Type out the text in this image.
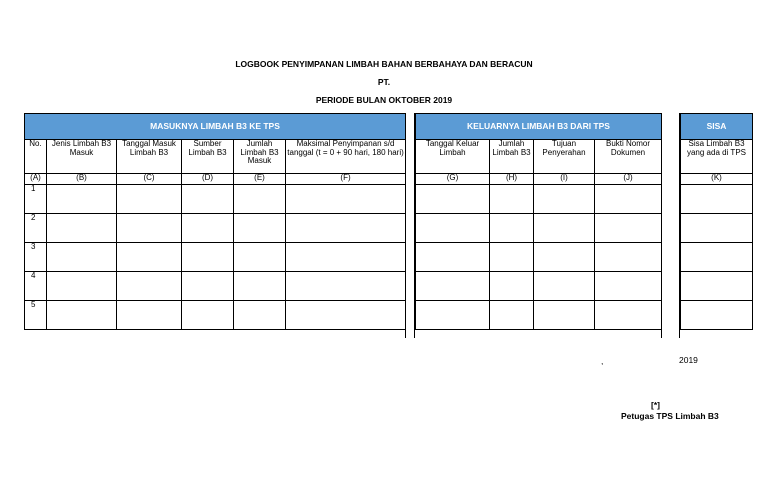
LOGBOOK PENYIMPANAN LIMBAH BAHAN BERBAHAYA DAN BERACUN
PT.
PERIODE BULAN OKTOBER 2019
MASUKNYA LIMBAH B3 KE TPS					
No.	Jenis Limbah B3 Masuk	Tanggal Masuk Limbah B3	Sumber Limbah B3	Jumlah Limbah B3 Masuk	Maksimal Penyimpanan s/d tanggal (t = 0 + 90 hari, 180 hari)
(A)	(B)	(C)	(D)	(E)	(F)
1					
2					
3					
4					
5					
KELUARNYA LIMBAH B3 DARI TPS			
Tanggal Keluar Limbah	Jumlah Limbah B3	Tujuan Penyerahan	Bukti Nomor Dokumen
(G)	(H)	(I)	(J)

SISA
Sisa Limbah B3 yang ada di TPS
(K)

,	2019
[*]
Petugas TPS Limbah B3
